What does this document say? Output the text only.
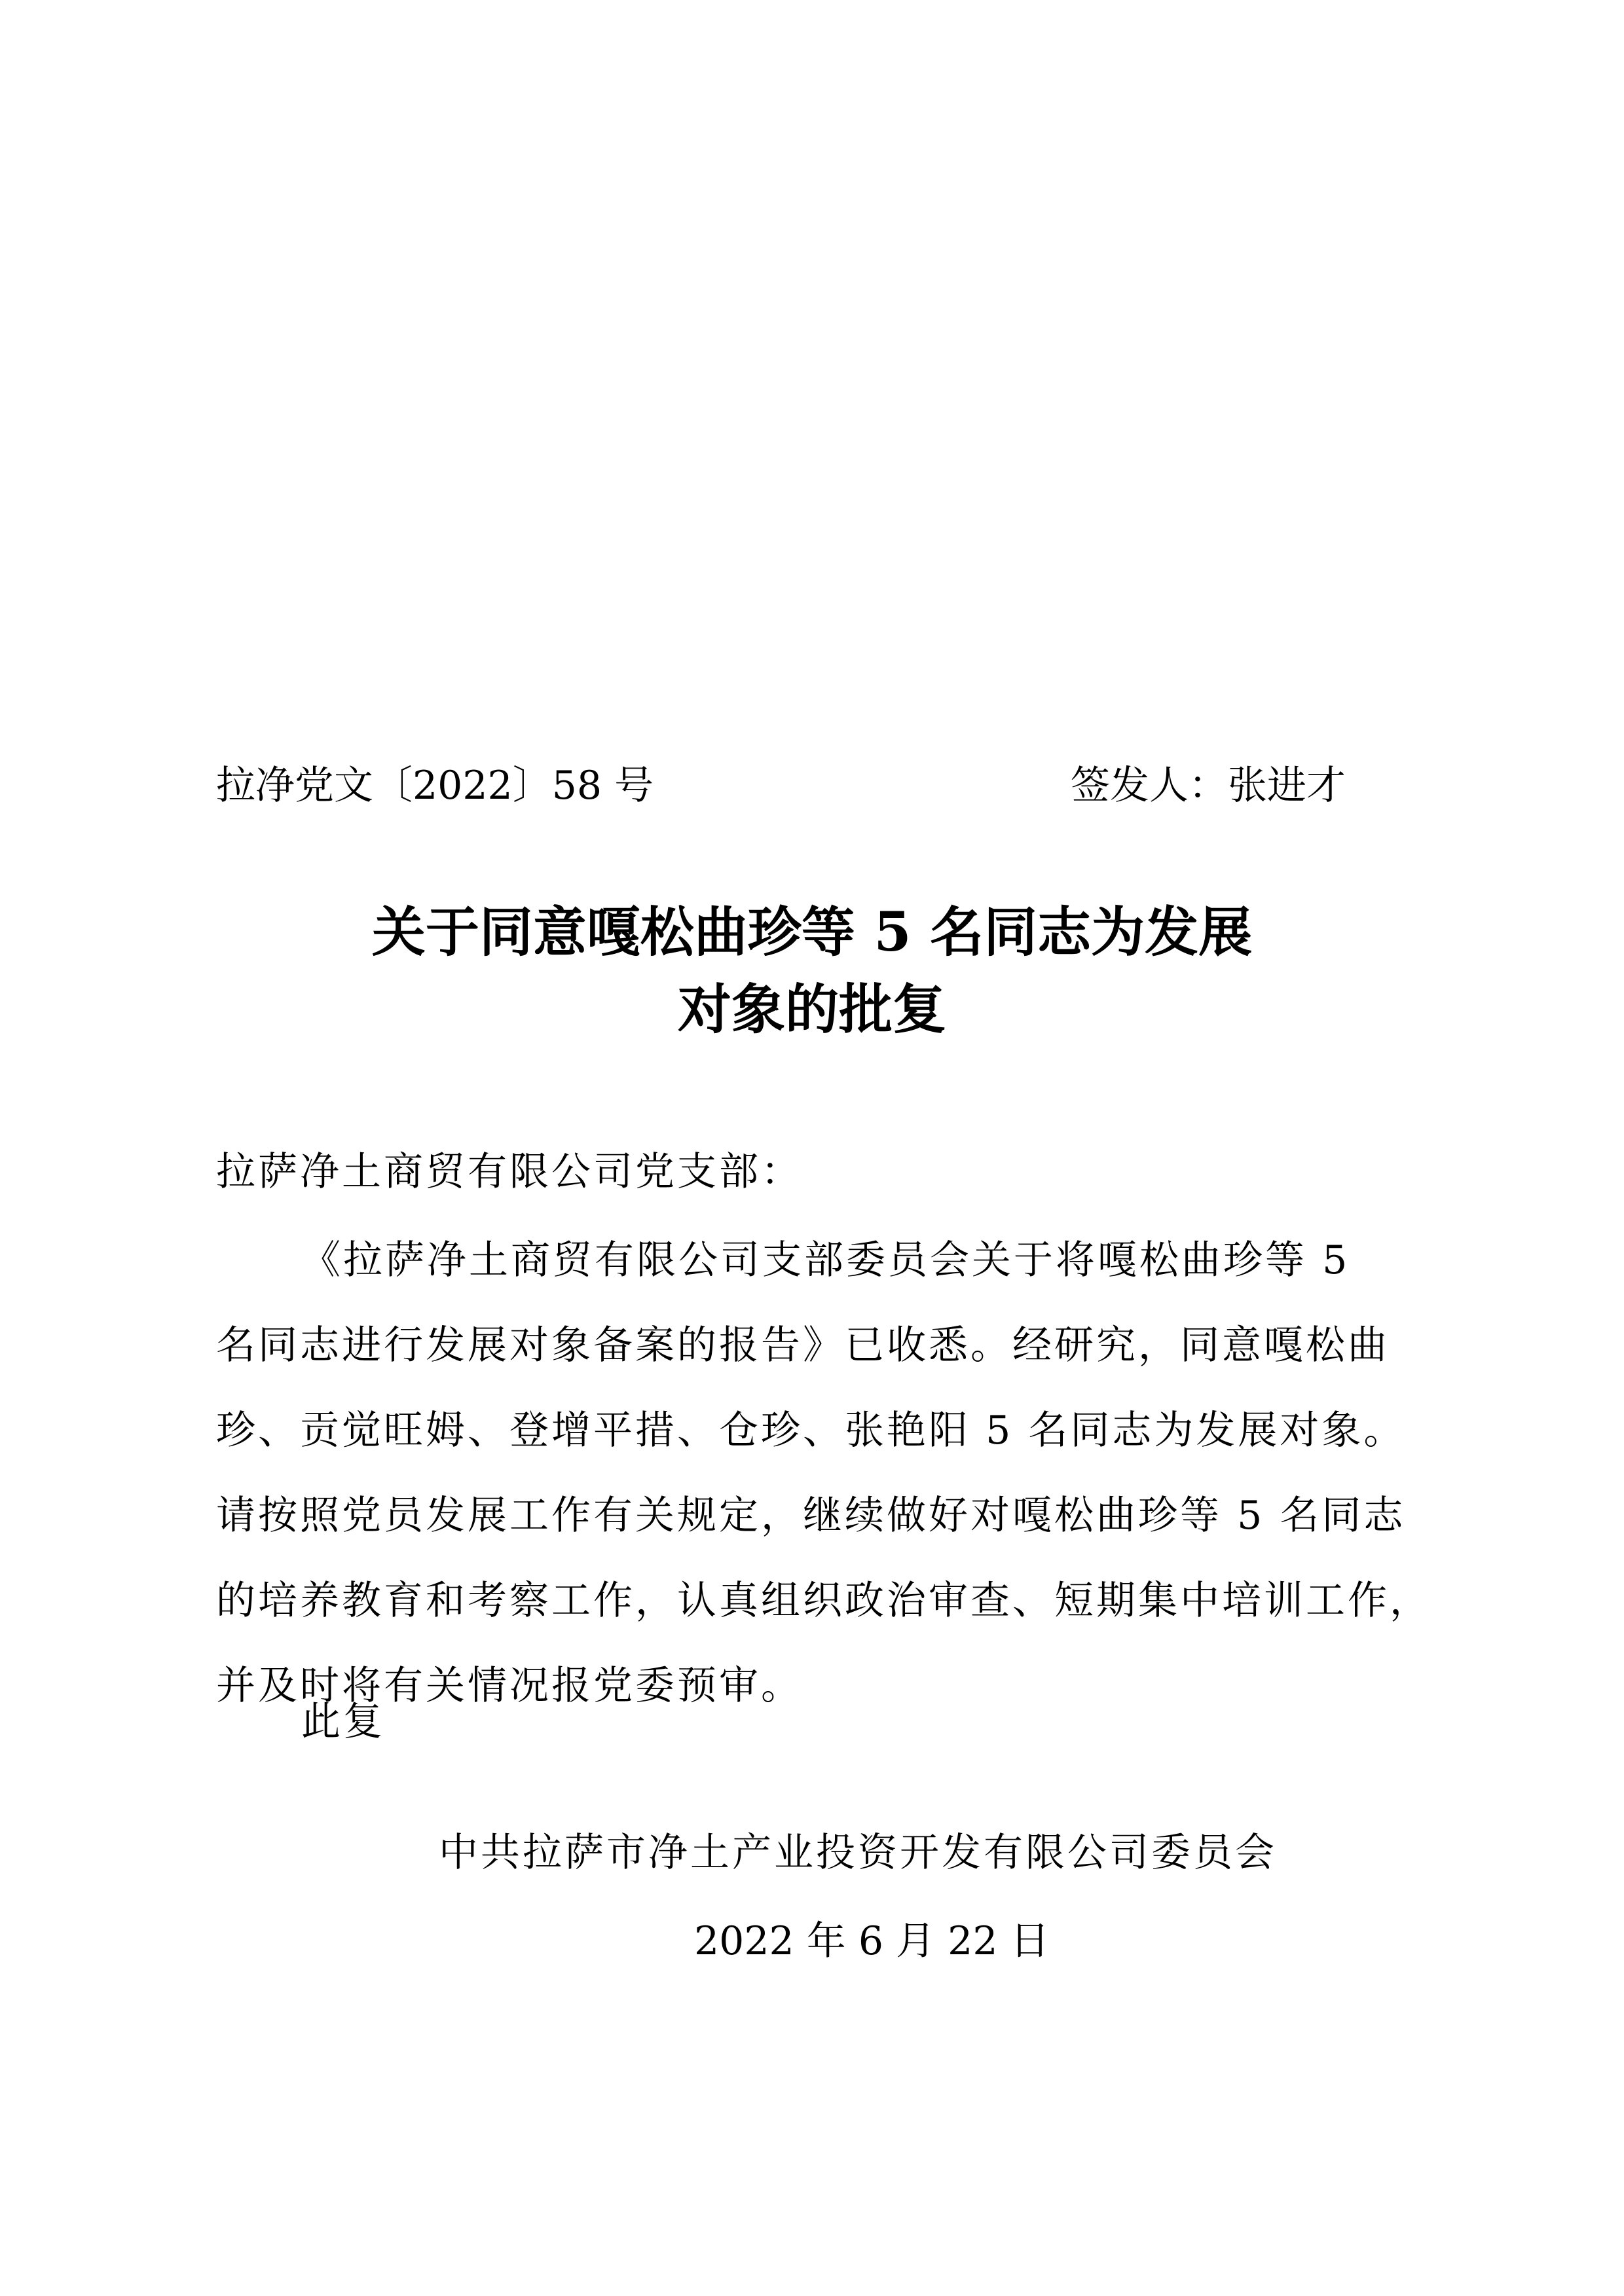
拉净党文〔2022〕58 号	签发人：张进才
关于同意嘎松曲珍等 5 名同志为发展
对象的批复
拉萨净土商贸有限公司党支部：
《拉萨净土商贸有限公司支部委员会关于将嘎松曲珍等 5
名同志进行发展对象备案的报告》已收悉。经研究，同意嘎松曲
珍、贡觉旺姆、登增平措、仓珍、张艳阳 5 名同志为发展对象。
请按照党员发展工作有关规定，继续做好对嘎松曲珍等 5 名同志
的培养教育和考察工作，认真组织政治审查、短期集中培训工作，
并及时将有关情况报党委预审。
此复
中共拉萨市净土产业投资开发有限公司委员会
2022 年 6 月 22 日
